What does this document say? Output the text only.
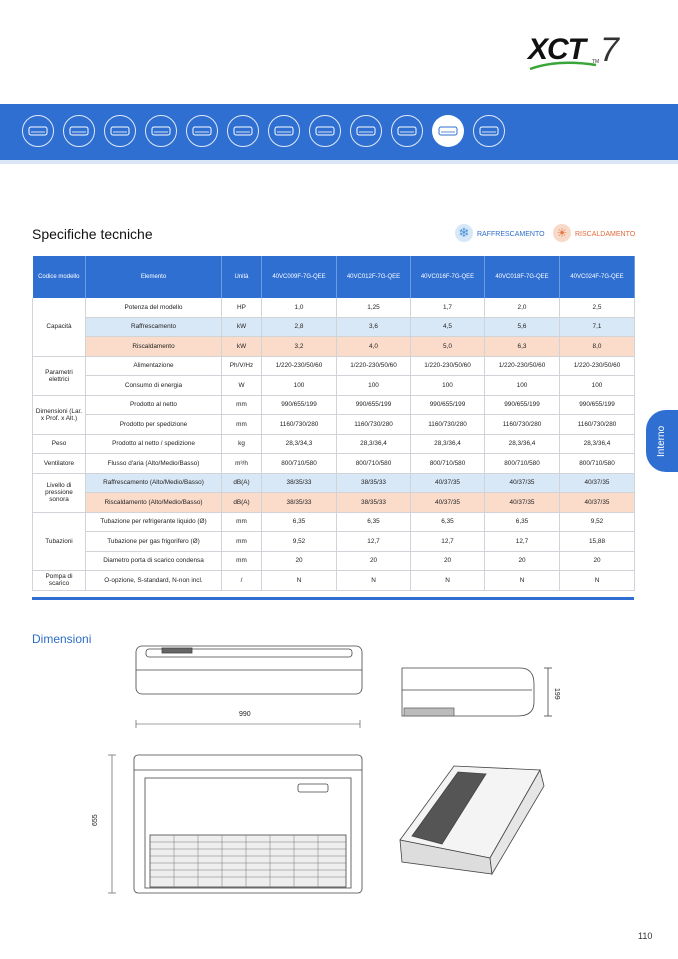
XCT TM 7
Specifiche tecniche	❄	RAFFRESCAMENTO	☀	RISCALDAMENTO
Codice modello	Elemento	Unità	40VC009F-7G-QEE	40VC012F-7G-QEE	40VC016F-7G-QEE	40VC018F-7G-QEE	40VC024F-7G-QEE
Capacità	Potenza del modello	HP	1,0	1,25	1,7	2,0	2,5
	Raffrescamento	kW	2,8	3,6	4,5	5,6	7,1
	Riscaldamento	kW	3,2	4,0	5,0	6,3	8,0
Parametri elettrici	Alimentazione	Ph/V/Hz	1/220-230/50/60	1/220-230/50/60	1/220-230/50/60	1/220-230/50/60	1/220-230/50/60
	Consumo di energia	W	100	100	100	100	100
Dimensioni (Lar. x Prof. x Alt.)	Prodotto al netto	mm	990/655/199	990/655/199	990/655/199	990/655/199	990/655/199
	Prodotto per spedizione	mm	1160/730/280	1160/730/280	1160/730/280	1160/730/280	1160/730/280
Peso	Prodotto al netto / spedizione	kg	28,3/34,3	28,3/36,4	28,3/36,4	28,3/36,4	28,3/36,4
Ventilatore	Flusso d'aria (Alto/Medio/Basso)	m³/h	800/710/580	800/710/580	800/710/580	800/710/580	800/710/580
Livello di pressione sonora	Raffrescamento (Alto/Medio/Basso)	dB(A)	38/35/33	38/35/33	40/37/35	40/37/35	40/37/35
	Riscaldamento (Alto/Medio/Basso)	dB(A)	38/35/33	38/35/33	40/37/35	40/37/35	40/37/35
Tubazioni	Tubazione per refrigerante liquido (Ø)	mm	6,35	6,35	6,35	6,35	9,52
	Tubazione per gas frigorifero (Ø)	mm	9,52	12,7	12,7	12,7	15,88
	Diametro porta di scarico condensa	mm	20	20	20	20	20
Pompa di scarico	O-opzione, S-standard, N-non incl.	/	N	N	N	N	N
Interno
Dimensioni
990
655
199
110
